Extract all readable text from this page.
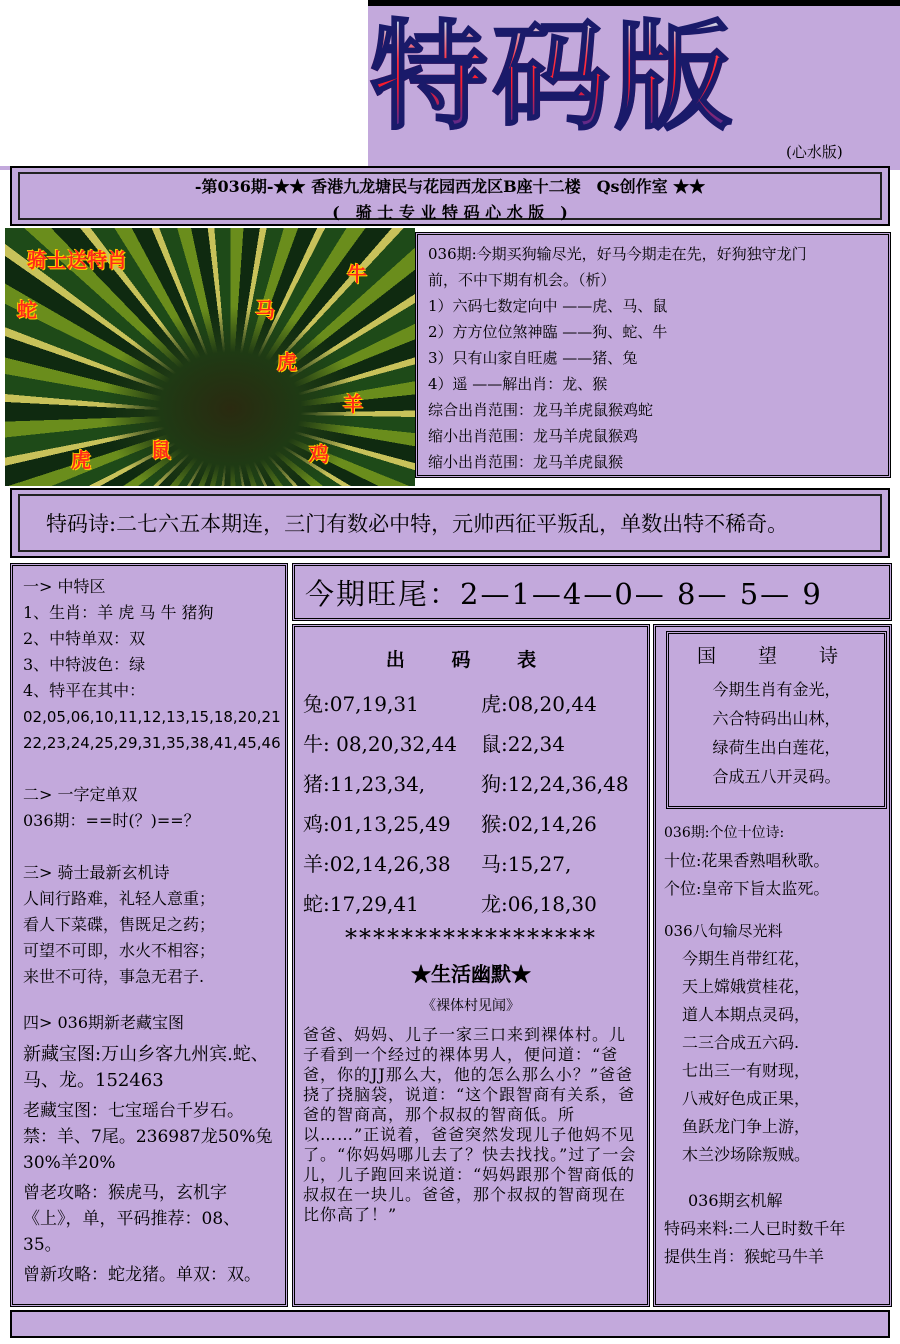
特码版
(心水版)
-第036期-★★ 香港九龙塘民与花园西龙区B座十二楼　Qs创作室 ★★
(　骑 士 专 业 特 码 心 水 版　)
骑士送特肖
牛
蛇	马
虎
羊
虎	鼠	鸡
036期:今期买狗输尽光，好马今期走在先，好狗独守龙门
前，不中下期有机会。（析）
1）六码七数定向中 ——虎、马、鼠
2）方方位位煞神臨 ——狗、蛇、牛
3）只有山家自旺處 ——猪、兔
4）遥 ——解出肖：龙、猴
综合出肖范围：龙马羊虎鼠猴鸡蛇
缩小出肖范围：龙马羊虎鼠猴鸡
缩小出肖范围：龙马羊虎鼠猴
特码诗:二七六五本期连，三门有数必中特，元帅西征平叛乱，单数出特不稀奇。
一> 中特区
1、生肖：羊 虎 马 牛 猪狗
2、中特单双：双
3、中特波色：绿
4、特平在其中：
02,05,06,10,11,12,13,15,18,20,21
22,23,24,25,29,31,35,38,41,45,46
二> 一字定单双
036期：==时(？)==？
三> 骑士最新玄机诗
人间行路难，礼轻人意重；
看人下菜碟，售既足之药；
可望不可即，水火不相容；
来世不可待，事急无君子.
四> 036期新老藏宝图
新藏宝图:万山乡客九州宾.蛇、马、龙。152463
老藏宝图：七宝瑶台千岁石。禁：羊、7尾。236987龙50%兔30%羊20%
曾老攻略：猴虎马，玄机字《上》，单，平码推荐：08、35。
曾新攻略：蛇龙猪。单双：双。
今期旺尾：2—1—4—0— 8— 5— 9
出 码 表
兔:07,19,31	虎:08,20,44
牛: 08,20,32,44	鼠:22,34
猪:11,23,34,	狗:12,24,36,48
鸡:01,13,25,49	猴:02,14,26
羊:02,14,26,38	马:15,27,
蛇:17,29,41	龙:06,18,30
******************
★生活幽默★
《裸体村见闻》
爸爸、妈妈、儿子一家三口来到裸体村。儿子看到一个经过的裸体男人，便问道：“爸爸，你的JJ那么大，他的怎么那么小？”爸爸挠了挠脑袋，说道：“这个跟智商有关系，爸爸的智商高，那个叔叔的智商低。所以……”正说着，爸爸突然发现儿子他妈不见了。“你妈妈哪儿去了？快去找找。”过了一会儿，儿子跑回来说道：“妈妈跟那个智商低的叔叔在一块儿。爸爸，那个叔叔的智商现在比你高了！”
国 望 诗
今期生肖有金光，
六合特码出山林，
绿荷生出白莲花，
合成五八开灵码。
036期:个位十位诗:
十位:花果香熟唱秋歌。
个位:皇帝下旨太监死。
036八句输尽光料
今期生肖带红花，
天上嫦娥赏桂花，
道人本期点灵码，
二三合成五六码.
七出三一有财现，
八戒好色成正果，
鱼跃龙门争上游，
木兰沙场除叛贼。
036期玄机解
特码来料:二人已时数千年
提供生肖：猴蛇马牛羊
